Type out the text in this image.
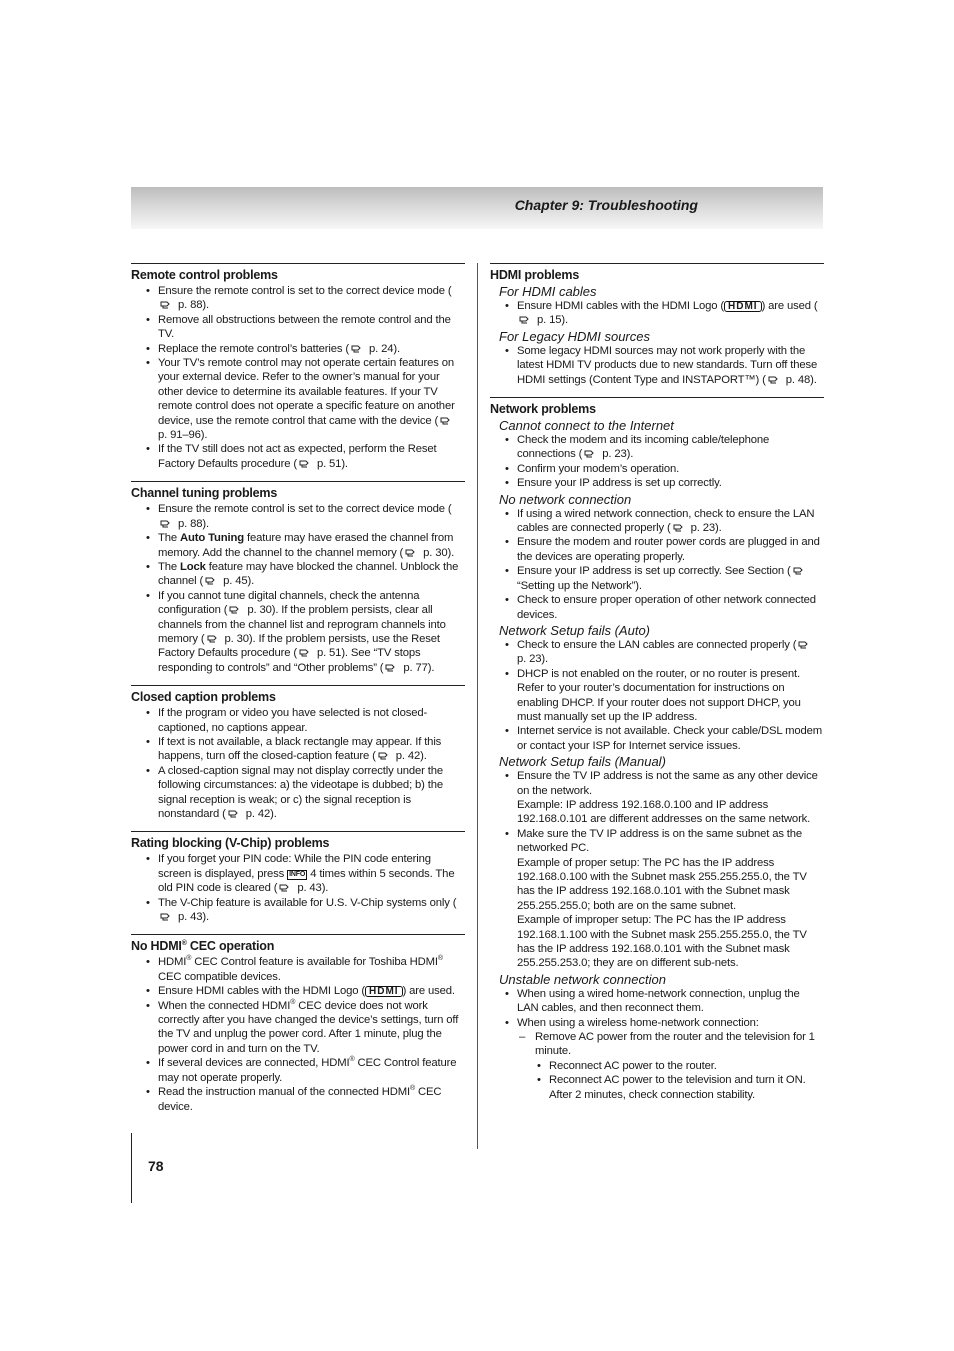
Chapter 9: Troubleshooting
Remote control problems
• Ensure the remote control is set to the correct device mode ( p. 88).
• Remove all obstructions between the remote control and the TV.
• Replace the remote control’s batteries ( p. 24).
• Your TV’s remote control may not operate certain features on your external device. Refer to the owner’s manual for your other device to determine its available features. If your TV remote control does not operate a specific feature on another device, use the remote control that came with the device ( p. 91–96).
• If the TV still does not act as expected, perform the Reset Factory Defaults procedure ( p. 51).
Channel tuning problems
• Ensure the remote control is set to the correct device mode ( p. 88).
• The Auto Tuning feature may have erased the channel from memory. Add the channel to the channel memory ( p. 30).
• The Lock feature may have blocked the channel. Unblock the channel ( p. 45).
• If you cannot tune digital channels, check the antenna configuration ( p. 30). If the problem persists, clear all channels from the channel list and reprogram channels into memory ( p. 30). If the problem persists, use the Reset Factory Defaults procedure ( p. 51). See “TV stops responding to controls” and “Other problems” ( p. 77).
Closed caption problems
• If the program or video you have selected is not closed-captioned, no captions appear.
• If text is not available, a black rectangle may appear. If this happens, turn off the closed-caption feature ( p. 42).
• A closed-caption signal may not display correctly under the following circumstances: a) the videotape is dubbed; b) the signal reception is weak; or c) the signal reception is nonstandard ( p. 42).
Rating blocking (V-Chip) problems
• If you forget your PIN code: While the PIN code entering screen is displayed, press INFO 4 times within 5 seconds. The old PIN code is cleared ( p. 43).
• The V-Chip feature is available for U.S. V-Chip systems only ( p. 43).
No HDMI® CEC operation
• HDMI® CEC Control feature is available for Toshiba HDMI® CEC compatible devices.
• Ensure HDMI cables with the HDMI Logo ( HDMI ) are used.
• When the connected HDMI® CEC device does not work correctly after you have changed the device’s settings, turn off the TV and unplug the power cord. After 1 minute, plug the power cord in and turn on the TV.
• If several devices are connected, HDMI® CEC Control feature may not operate properly.
• Read the instruction manual of the connected HDMI® CEC device.
HDMI problems
For HDMI cables
• Ensure HDMI cables with the HDMI Logo ( HDMI ) are used ( p. 15).
For Legacy HDMI sources
• Some legacy HDMI sources may not work properly with the latest HDMI TV products due to new standards. Turn off these HDMI settings (Content Type and INSTAPORT™) ( p. 48).
Network problems
Cannot connect to the Internet
• Check the modem and its incoming cable/telephone connections ( p. 23).
• Confirm your modem’s operation.
• Ensure your IP address is set up correctly.
No network connection
• If using a wired network connection, check to ensure the LAN cables are connected properly ( p. 23).
• Ensure the modem and router power cords are plugged in and the devices are operating properly.
• Ensure your IP address is set up correctly. See Section ( “Setting up the Network”).
• Check to ensure proper operation of other network connected devices.
Network Setup fails (Auto)
• Check to ensure the LAN cables are connected properly ( p. 23).
• DHCP is not enabled on the router, or no router is present. Refer to your router’s documentation for instructions on enabling DHCP. If your router does not support DHCP, you must manually set up the IP address.
• Internet service is not available. Check your cable/DSL modem or contact your ISP for Internet service issues.
Network Setup fails (Manual)
• Ensure the TV IP address is not the same as any other device on the network.
Example: IP address 192.168.0.100 and IP address 192.168.0.101 are different addresses on the same network.
• Make sure the TV IP address is on the same subnet as the networked PC.
Example of proper setup: The PC has the IP address 192.168.0.100 with the Subnet mask 255.255.255.0, the TV has the IP address 192.168.0.101 with the Subnet mask 255.255.255.0; both are on the same subnet.
Example of improper setup: The PC has the IP address 192.168.1.100 with the Subnet mask 255.255.255.0, the TV has the IP address 192.168.0.101 with the Subnet mask 255.255.253.0; they are on different sub-nets.
Unstable network connection
• When using a wired home-network connection, unplug the LAN cables, and then reconnect them.
• When using a wireless home-network connection:
– Remove AC power from the router and the television for 1 minute.
• Reconnect AC power to the router.
• Reconnect AC power to the television and turn it ON. After 2 minutes, check connection stability.
78
